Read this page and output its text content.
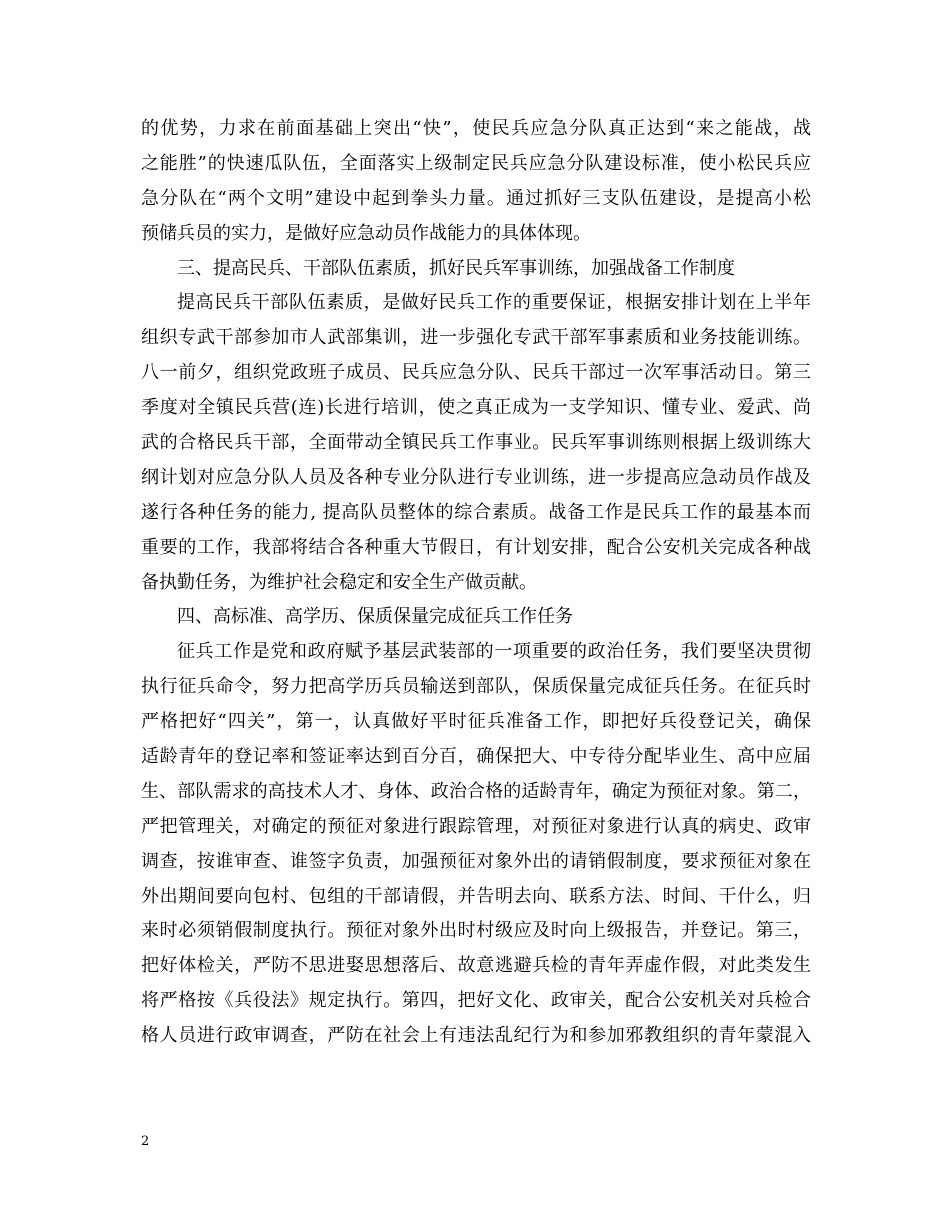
的优势，力求在前面基础上突出“快”，使民兵应急分队真正达到“来之能战，战
之能胜”的快速瓜队伍，全面落实上级制定民兵应急分队建设标准，使小松民兵应
急分队在“两个文明”建设中起到拳头力量。通过抓好三支队伍建设，是提高小松
预储兵员的实力，是做好应急动员作战能力的具体体现。
三、提高民兵、干部队伍素质，抓好民兵军事训练，加强战备工作制度
提高民兵干部队伍素质，是做好民兵工作的重要保证，根据安排计划在上半年
组织专武干部参加市人武部集训，进一步强化专武干部军事素质和业务技能训练。
八一前夕，组织党政班子成员、民兵应急分队、民兵干部过一次军事活动日。第三
季度对全镇民兵营(连)长进行培训，使之真正成为一支学知识、懂专业、爱武、尚
武的合格民兵干部，全面带动全镇民兵工作事业。民兵军事训练则根据上级训练大
纲计划对应急分队人员及各种专业分队进行专业训练，进一步提高应急动员作战及
遂行各种任务的能力, 提高队员整体的综合素质。战备工作是民兵工作的最基本而
重要的工作，我部将结合各种重大节假日，有计划安排，配合公安机关完成各种战
备执勤任务，为维护社会稳定和安全生产做贡献。
四、高标准、高学历、保质保量完成征兵工作任务
征兵工作是党和政府赋予基层武装部的一项重要的政治任务，我们要坚决贯彻
执行征兵命令，努力把高学历兵员输送到部队，保质保量完成征兵任务。在征兵时
严格把好“四关”，第一，认真做好平时征兵准备工作，即把好兵役登记关，确保
适龄青年的登记率和签证率达到百分百，确保把大、中专待分配毕业生、高中应届
生、部队需求的高技术人才、身体、政治合格的适龄青年，确定为预征对象。第二，
严把管理关，对确定的预征对象进行跟踪管理，对预征对象进行认真的病史、政审
调查，按谁审查、谁签字负责，加强预征对象外出的请销假制度，要求预征对象在
外出期间要向包村、包组的干部请假，并告明去向、联系方法、时间、干什么，归
来时必须销假制度执行。预征对象外出时村级应及时向上级报告，并登记。第三，
把好体检关，严防不思进娶思想落后、故意逃避兵检的青年弄虚作假，对此类发生
将严格按《兵役法》规定执行。第四，把好文化、政审关，配合公安机关对兵检合
格人员进行政审调查，严防在社会上有违法乱纪行为和参加邪教组织的青年蒙混入
2
